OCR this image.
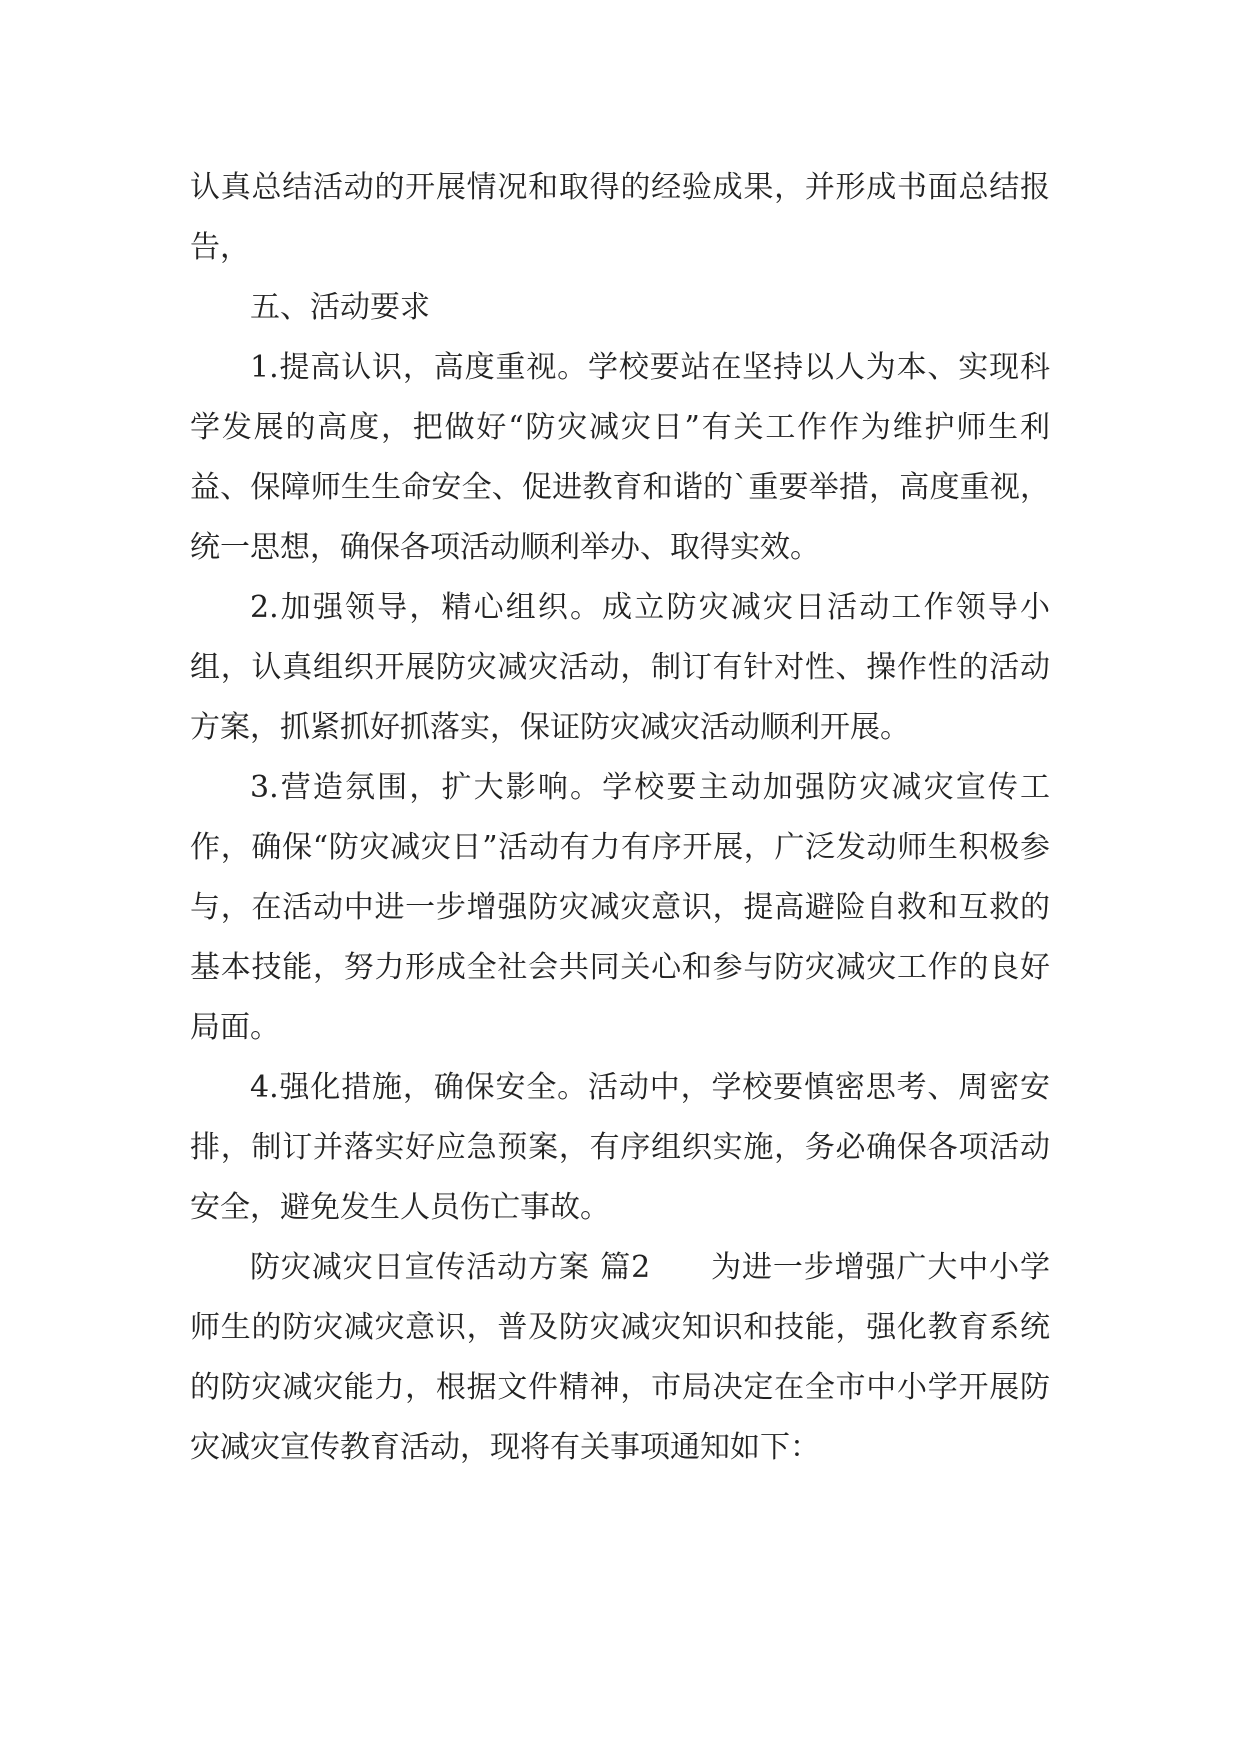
认真总结活动的开展情况和取得的经验成果，并形成书面总结报告，

五、活动要求

1.提高认识，高度重视。学校要站在坚持以人为本、实现科学发展的高度，把做好“防灾减灾日”有关工作作为维护师生利益、保障师生生命安全、促进教育和谐的`重要举措，高度重视，统一思想，确保各项活动顺利举办、取得实效。

2.加强领导，精心组织。成立防灾减灾日活动工作领导小组，认真组织开展防灾减灾活动，制订有针对性、操作性的活动方案，抓紧抓好抓落实，保证防灾减灾活动顺利开展。

3.营造氛围，扩大影响。学校要主动加强防灾减灾宣传工作，确保“防灾减灾日”活动有力有序开展，广泛发动师生积极参与，在活动中进一步增强防灾减灾意识，提高避险自救和互救的基本技能，努力形成全社会共同关心和参与防灾减灾工作的良好局面。

4.强化措施，确保安全。活动中，学校要慎密思考、周密安排，制订并落实好应急预案，有序组织实施，务必确保各项活动安全，避免发生人员伤亡事故。

防灾减灾日宣传活动方案 篇2 为进一步增强广大中小学师生的防灾减灾意识，普及防灾减灾知识和技能，强化教育系统的防灾减灾能力，根据文件精神，市局决定在全市中小学开展防灾减灾宣传教育活动，现将有关事项通知如下：
